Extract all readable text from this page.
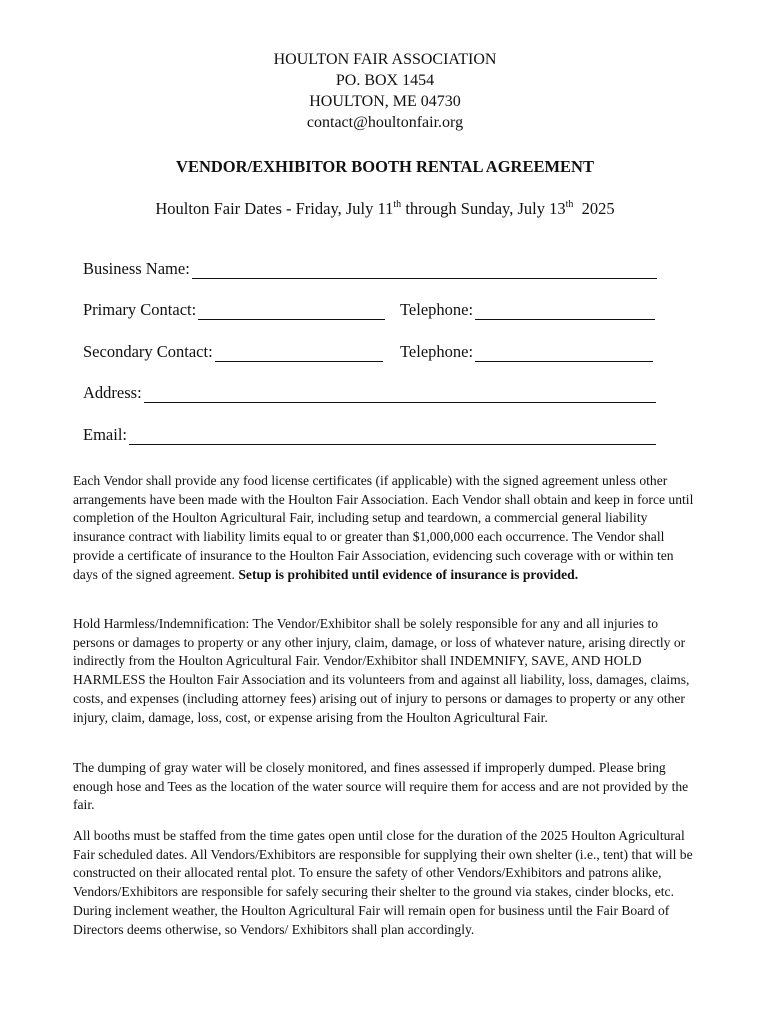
HOULTON FAIR ASSOCIATION
PO. BOX 1454
HOULTON, ME 04730
contact@houltonfair.org
VENDOR/EXHIBITOR BOOTH RENTAL AGREEMENT
Houlton Fair Dates - Friday, July 11th through Sunday, July 13th  2025
Business Name:
Primary Contact:	Telephone:
Secondary Contact:	Telephone:
Address:
Email:

Each Vendor shall provide any food license certificates (if applicable) with the signed agreement unless other arrangements have been made with the Houlton Fair Association. Each Vendor shall obtain and keep in force until completion of the Houlton Agricultural Fair, including setup and teardown, a commercial general liability insurance contract with liability limits equal to or greater than $1,000,000 each occurrence. The Vendor shall provide a certificate of insurance to the Houlton Fair Association, evidencing such coverage with or within ten days of the signed agreement. Setup is prohibited until evidence of insurance is provided.

Hold Harmless/Indemnification: The Vendor/Exhibitor shall be solely responsible for any and all injuries to persons or damages to property or any other injury, claim, damage, or loss of whatever nature, arising directly or indirectly from the Houlton Agricultural Fair. Vendor/Exhibitor shall INDEMNIFY, SAVE, AND HOLD HARMLESS the Houlton Fair Association and its volunteers from and against all liability, loss, damages, claims, costs, and expenses (including attorney fees) arising out of injury to persons or damages to property or any other injury, claim, damage, loss, cost, or expense arising from the Houlton Agricultural Fair.

The dumping of gray water will be closely monitored, and fines assessed if improperly dumped. Please bring enough hose and Tees as the location of the water source will require them for access and are not provided by the fair.

All booths must be staffed from the time gates open until close for the duration of the 2025 Houlton Agricultural Fair scheduled dates. All Vendors/Exhibitors are responsible for supplying their own shelter (i.e., tent) that will be constructed on their allocated rental plot. To ensure the safety of other Vendors/Exhibitors and patrons alike, Vendors/Exhibitors are responsible for safely securing their shelter to the ground via stakes, cinder blocks, etc. During inclement weather, the Houlton Agricultural Fair will remain open for business until the Fair Board of Directors deems otherwise, so Vendors/ Exhibitors shall plan accordingly.
